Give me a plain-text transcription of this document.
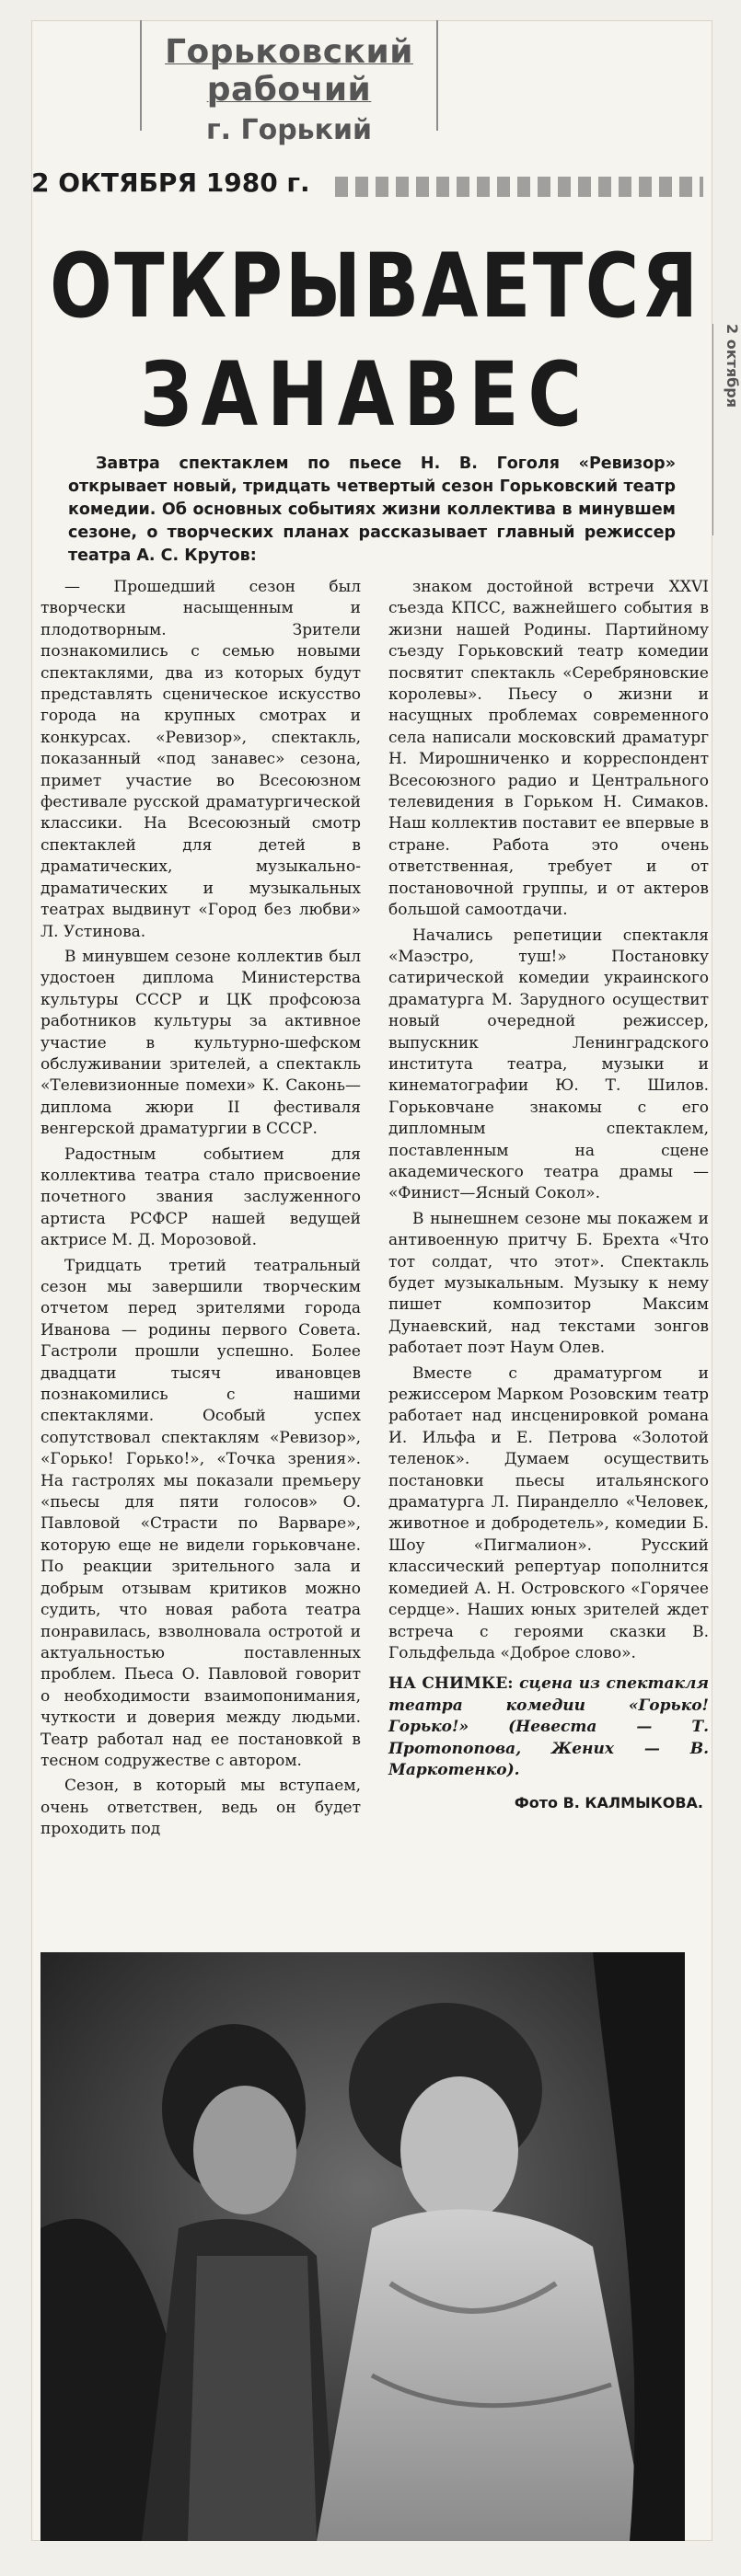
Горьковский рабочий
г. Горький
2 ОКТЯБРЯ 1980 г.
ОТКРЫВАЕТСЯ
ЗАНАВЕС	2 октября
Завтра спектаклем по пьесе Н. В. Гоголя «Ревизор» открывает новый, тридцать четвертый сезон Горьковский театр комедии. Об основных событиях жизни коллектива в минувшем сезоне, о творческих планах рассказывает главный режиссер театра А. С. Крутов:

— Прошедший сезон был творчески насыщенным и плодотворным. Зрители познакомились с семью новыми спектаклями, два из которых будут представлять сценическое искусство города на крупных смотрах и конкурсах. «Ревизор», спектакль, показанный «под занавес» сезона, примет участие во Всесоюзном фестивале русской драматургической классики. На Всесоюзный смотр спектаклей для детей в драматических, музыкально-драматических и музыкальных театрах выдвинут «Город без любви» Л. Устинова.

В минувшем сезоне коллектив был удостоен диплома Министерства культуры СССР и ЦК профсоюза работников культуры за активное участие в культурно-шефском обслуживании зрителей, а спектакль «Телевизионные помехи» К. Саконь—диплома жюри II фестиваля венгерской драматургии в СССР.

Радостным событием для коллектива театра стало присвоение почетного звания заслуженного артиста РСФСР нашей ведущей актрисе М. Д. Морозовой.

Тридцать третий театральный сезон мы завершили творческим отчетом перед зрителями города Иванова — родины первого Совета. Гастроли прошли успешно. Более двадцати тысяч ивановцев познакомились с нашими спектаклями. Особый успех сопутствовал спектаклям «Ревизор», «Горько! Горько!», «Точка зрения». На гастролях мы показали премьеру «пьесы для пяти голосов» О. Павловой «Страсти по Варваре», которую еще не видели горьковчане. По реакции зрительного зала и добрым отзывам критиков можно судить, что новая работа театра понравилась, взволновала остротой и актуальностью поставленных проблем. Пьеса О. Павловой говорит о необходимости взаимопонимания, чуткости и доверия между людьми. Театр работал над ее постановкой в тесном содружестве с автором.

Сезон, в который мы вступаем, очень ответствен, ведь он будет проходить под

знаком достойной встречи XXVI съезда КПСС, важнейшего события в жизни нашей Родины. Партийному съезду Горьковский театр комедии посвятит спектакль «Серебряновские королевы». Пьесу о жизни и насущных проблемах современного села написали московский драматург Н. Мирошниченко и корреспондент Всесоюзного радио и Центрального телевидения в Горьком Н. Симаков. Наш коллектив поставит ее впервые в стране. Работа это очень ответственная, требует и от постановочной группы, и от актеров большой самоотдачи.

Начались репетиции спектакля «Маэстро, туш!» Постановку сатирической комедии украинского драматурга М. Зарудного осуществит новый очередной режиссер, выпускник Ленинградского института театра, музыки и кинематографии Ю. Т. Шилов. Горьковчане знакомы с его дипломным спектаклем, поставленным на сцене академического театра драмы — «Финист—Ясный Сокол».

В нынешнем сезоне мы покажем и антивоенную притчу Б. Брехта «Что тот солдат, что этот». Спектакль будет музыкальным. Музыку к нему пишет композитор Максим Дунаевский, над текстами зонгов работает поэт Наум Олев.

Вместе с драматургом и режиссером Марком Розовским театр работает над инсценировкой романа И. Ильфа и Е. Петрова «Золотой теленок». Думаем осуществить постановки пьесы итальянского драматурга Л. Пиранделло «Человек, животное и добродетель», комедии Б. Шоу «Пигмалион». Русский классический репертуар пополнится комедией А. Н. Островского «Горячее сердце». Наших юных зрителей ждет встреча с героями сказки В. Гольдфельда «Доброе слово».

НА СНИМКЕ: сцена из спектакля театра комедии «Горько! Горько!» (Невеста — Т. Протопопова, Жених — В. Маркотенко).
Фото В. КАЛМЫКОВА.
